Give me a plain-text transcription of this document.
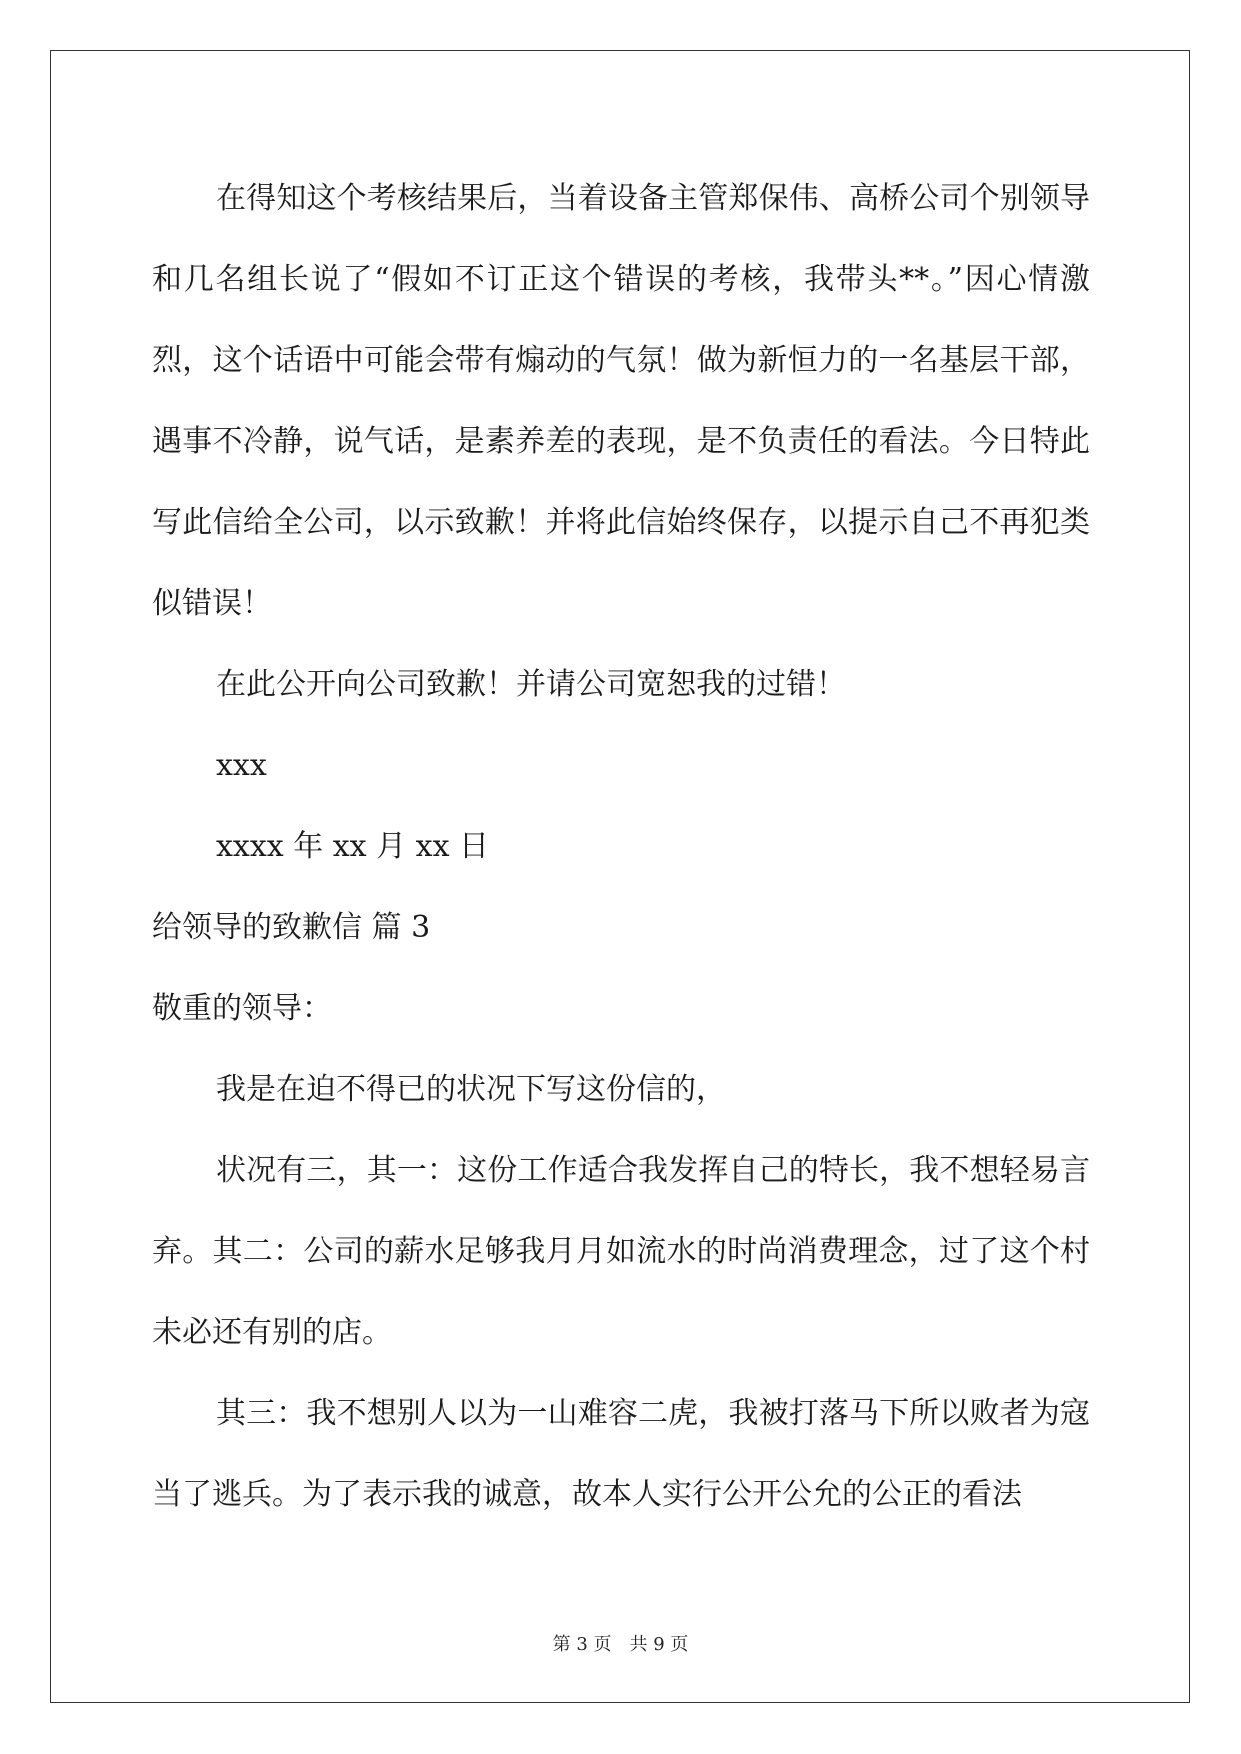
在得知这个考核结果后，当着设备主管郑保伟、高桥公司个别领导和几名组长说了“假如不订正这个错误的考核，我带头**。”因心情激烈，这个话语中可能会带有煽动的气氛！做为新恒力的一名基层干部，遇事不冷静，说气话，是素养差的表现，是不负责任的看法。今日特此写此信给全公司，以示致歉！并将此信始终保存，以提示自己不再犯类似错误！

在此公开向公司致歉！并请公司宽恕我的过错！

xxx

xxxx 年 xx 月 xx 日

给领导的致歉信 篇 3

敬重的领导：

我是在迫不得已的状况下写这份信的，

状况有三，其一：这份工作适合我发挥自己的特长，我不想轻易言弃。其二：公司的薪水足够我月月如流水的时尚消费理念，过了这个村未必还有别的店。

其三：我不想别人以为一山难容二虎，我被打落马下所以败者为寇当了逃兵。为了表示我的诚意，故本人实行公开公允的公正的看法

第 3 页　共 9 页
